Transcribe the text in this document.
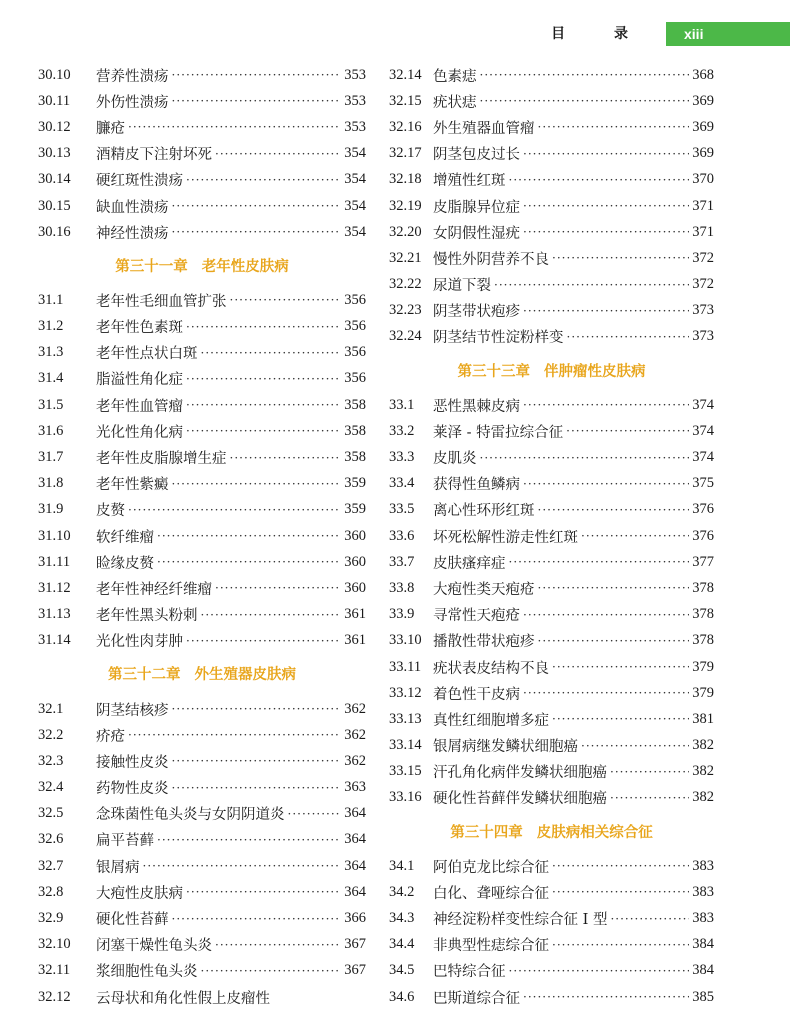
目 录	xiii
30.10	营养性溃疡 ·····	353
30.11	外伤性溃疡 ·····	353
30.12	臁疮 ·····	353
30.13	酒精皮下注射坏死 ·····	354
30.14	硬红斑性溃疡 ·····	354
30.15	缺血性溃疡 ·····	354
30.16	神经性溃疡 ·····	354
第三十一章 老年性皮肤病
31.1	老年性毛细血管扩张 ·····	356
31.2	老年性色素斑 ·····	356
31.3	老年性点状白斑 ·····	356
31.4	脂溢性角化症 ·····	356
31.5	老年性血管瘤 ·····	358
31.6	光化性角化病 ·····	358
31.7	老年性皮脂腺增生症 ·····	358
31.8	老年性紫癜 ·····	359
31.9	皮赘 ·····	359
31.10	软纤维瘤 ·····	360
31.11	睑缘皮赘 ·····	360
31.12	老年性神经纤维瘤 ·····	360
31.13	老年性黑头粉刺 ·····	361
31.14	光化性肉芽肿 ·····	361
第三十二章 外生殖器皮肤病
32.1	阴茎结核疹 ·····	362
32.2	疥疮 ·····	362
32.3	接触性皮炎 ·····	362
32.4	药物性皮炎 ·····	363
32.5	念珠菌性龟头炎与女阴阴道炎 ·····	364
32.6	扁平苔藓 ·····	364
32.7	银屑病 ·····	364
32.8	大疱性皮肤病 ·····	364
32.9	硬化性苔藓 ·····	366
32.10	闭塞干燥性龟头炎 ·····	367
32.11	浆细胞性龟头炎 ·····	367
32.12	云母状和角化性假上皮瘤性
32.14 色素痣 ·····	368
32.15 疣状痣 ·····	369
32.16 外生殖器血管瘤 ·····	369
32.17 阴茎包皮过长 ·····	369
32.18 增殖性红斑 ·····	370
32.19 皮脂腺异位症 ·····	371
32.20 女阴假性湿疣 ·····	371
32.21 慢性外阴营养不良 ·····	372
32.22 尿道下裂 ·····	372
32.23 阴茎带状疱疹 ·····	373
32.24 阴茎结节性淀粉样变 ·····	373
第三十三章 伴肿瘤性皮肤病
33.1	恶性黑棘皮病 ·····	374
33.2	莱泽 - 特雷拉综合征 ·····	374
33.3	皮肌炎 ·····	374
33.4	获得性鱼鳞病 ·····	375
33.5	离心性环形红斑 ·····	376
33.6	坏死松解性游走性红斑 ·····	376
33.7	皮肤瘙痒症 ·····	377
33.8	大疱性类天疱疮 ·····	378
33.9	寻常性天疱疮 ·····	378
33.10 播散性带状疱疹 ·····	378
33.11 疣状表皮结构不良 ·····	379
33.12 着色性干皮病 ·····	379
33.13 真性红细胞增多症 ·····	381
33.14 银屑病继发鳞状细胞癌 ·····	382
33.15 汗孔角化病伴发鳞状细胞癌 ·····	382
33.16 硬化性苔藓伴发鳞状细胞癌 ·····	382
第三十四章 皮肤病相关综合征
34.1	阿伯克龙比综合征 ·····	383
34.2	白化、聋哑综合征 ·····	383
34.3	神经淀粉样变性综合征 Ⅰ 型 ·····	383
34.4	非典型性痣综合征 ·····	384
34.5	巴特综合征 ·····	384
34.6	巴斯道综合征 ·····	385
